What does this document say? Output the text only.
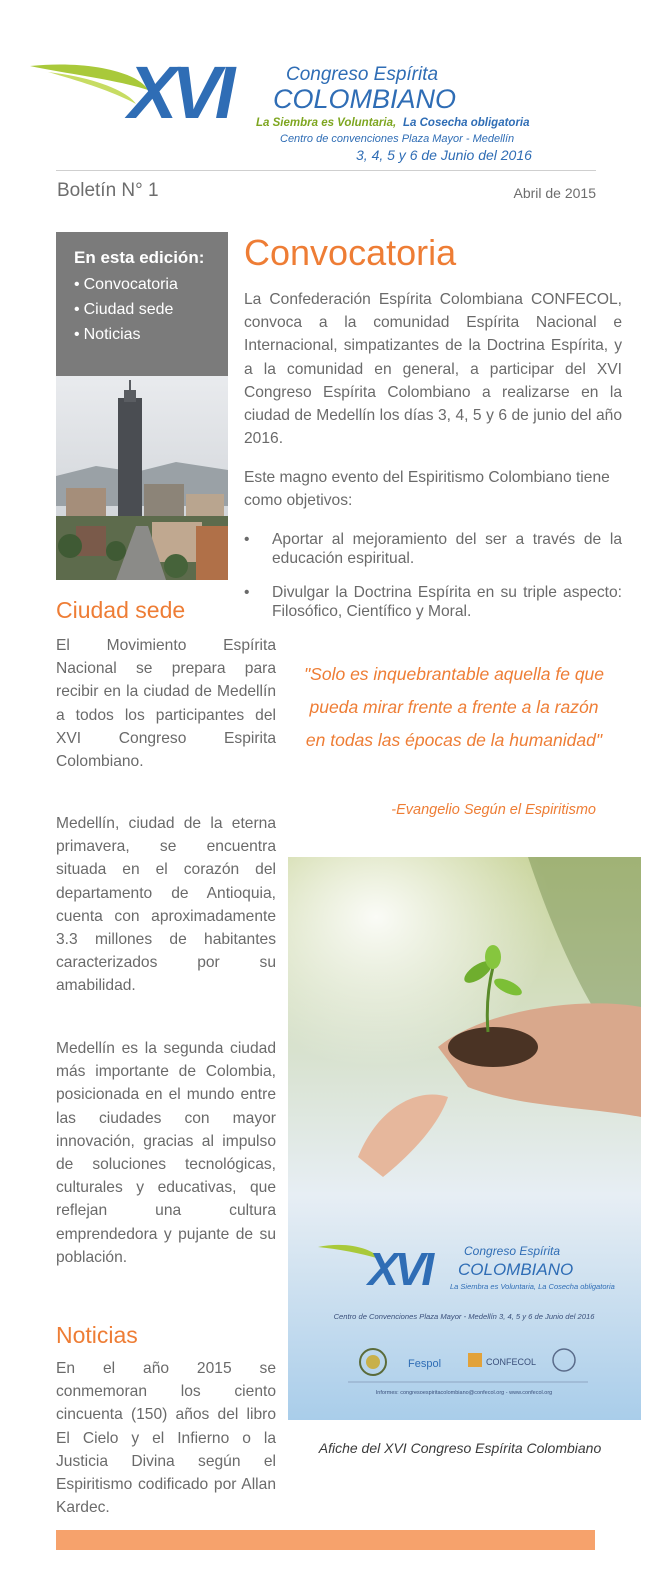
XVI	Congreso Espírita
COLOMBIANO
La Siembra es Voluntaria, La Cosecha obligatoria
Centro de convenciones Plaza Mayor - Medellín
3, 4, 5 y 6 de Junio del 2016
Boletín N° 1	Abril de 2015
En esta edición:
• Convocatoria
• Ciudad sede
• Noticias
Convocatoria
La Confederación Espírita Colombiana CONFECOL, convoca a la comunidad Espírita Nacional e Internacional, simpatizantes de la Doctrina Espírita, y a la comunidad en general, a participar del XVI Congreso Espírita Colombiano a realizarse en la ciudad de Medellín los días 3, 4, 5 y 6 de junio del año 2016.
Este magno evento del Espiritismo Colombiano tiene como objetivos:
• Aportar al mejoramiento del ser a través de la educación espiritual.
• Divulgar la Doctrina Espírita en su triple aspecto: Filosófico, Científico y Moral.
"Solo es inquebrantable aquella fe que pueda mirar frente a frente a la razón en todas las épocas de la humanidad"
-Evangelio Según el Espiritismo
Ciudad sede
El Movimiento Espírita Nacional se prepara para recibir en la ciudad de Medellín a todos los participantes del XVI Congreso Espirita Colombiano.
Medellín, ciudad de la eterna primavera, se encuentra situada en el corazón del departamento de Antioquia, cuenta con aproximadamente 3.3 millones de habitantes caracterizados por su amabilidad.
Medellín es la segunda ciudad más importante de Colombia, posicionada en el mundo entre las ciudades con mayor innovación, gracias al impulso de soluciones tecnológicas, culturales y educativas, que reflejan una cultura emprendedora y pujante de su población.
Noticias
En el año 2015 se conmemoran los ciento cincuenta (150) años del libro El Cielo y el Infierno o la Justicia Divina según el Espiritismo codificado por Allan Kardec.
XVI	Congreso Espírita
COLOMBIANO
La Siembra es Voluntaria, La Cosecha obligatoria
Centro de Convenciones Plaza Mayor - Medellín 3, 4, 5 y 6 de Junio del 2016
Fespol	CONFECOL
Informes: congresoespiritacolombiano@confecol.org - www.confecol.org
Afiche del XVI Congreso Espírita Colombiano
